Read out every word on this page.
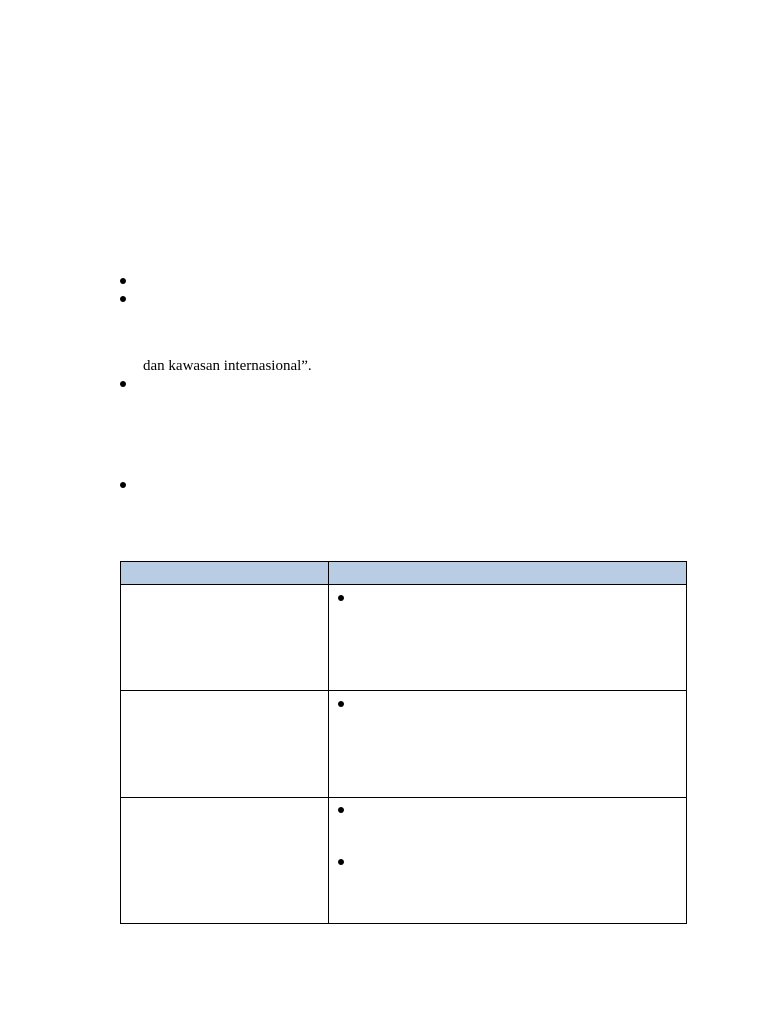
dan kawasan internasional”.
